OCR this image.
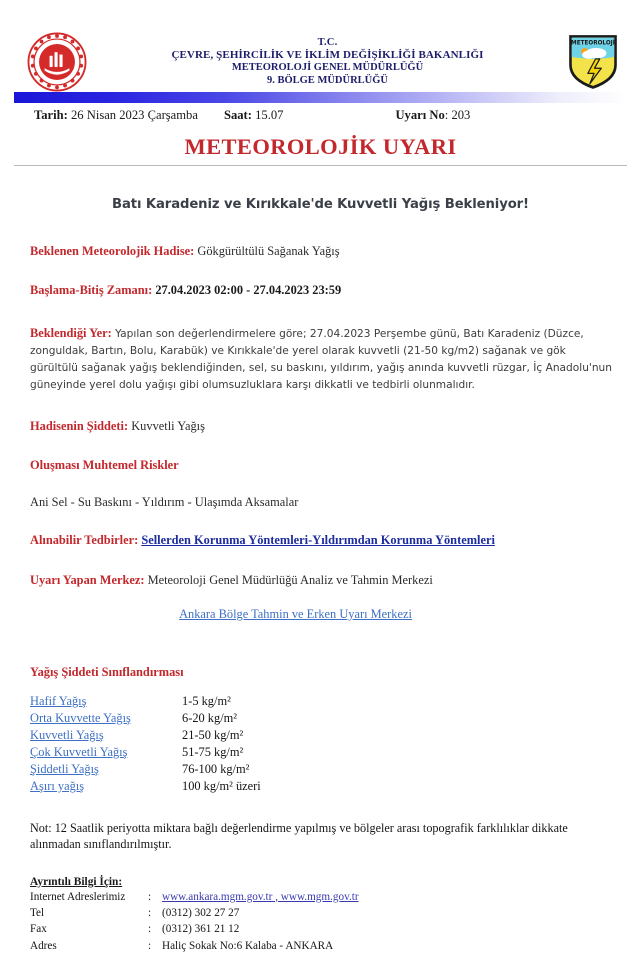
T.C.
ÇEVRE, ŞEHİRCİLİK VE İKLİM DEĞİŞİKLİĞİ BAKANLIĞI
METEOROLOJİ GENEL MÜDÜRLÜĞÜ
9. BÖLGE MÜDÜRLÜĞÜ
METEOROLOJİ
Tarih: 26 Nisan 2023 Çarşamba Saat: 15.07	Uyarı No: 203
METEOROLOJİK UYARI
Batı Karadeniz ve Kırıkkale'de Kuvvetli Yağış Bekleniyor!
Beklenen Meteorolojik Hadise: Gökgürültülü Sağanak Yağış
Başlama-Bitiş Zamanı: 27.04.2023 02:00 - 27.04.2023 23:59
Beklendiği Yer: Yapılan son değerlendirmelere göre; 27.04.2023 Perşembe günü, Batı Karadeniz (Düzce, zonguldak, Bartın, Bolu, Karabük) ve Kırıkkale'de yerel olarak kuvvetli (21-50 kg/m2) sağanak ve gök gürültülü sağanak yağış beklendiğinden, sel, su baskını, yıldırım, yağış anında kuvvetli rüzgar, İç Anadolu'nun güneyinde yerel dolu yağışı gibi olumsuzluklara karşı dikkatli ve tedbirli olunmalıdır.
Hadisenin Şiddeti: Kuvvetli Yağış
Oluşması Muhtemel Riskler
Ani Sel - Su Baskını - Yıldırım - Ulaşımda Aksamalar
Alınabilir Tedbirler: Sellerden Korunma Yöntemleri-Yıldırımdan Korunma Yöntemleri
Uyarı Yapan Merkez: Meteoroloji Genel Müdürlüğü Analiz ve Tahmin Merkezi
Ankara Bölge Tahmin ve Erken Uyarı Merkezi
Yağış Şiddeti Sınıflandırması
Hafif Yağış	1-5 kg/m²
Orta Kuvvette Yağış	6-20 kg/m²
Kuvvetli Yağış	21-50 kg/m²
Çok Kuvvetli Yağış	51-75 kg/m²
Şiddetli Yağış	76-100 kg/m²
Aşırı yağış	100 kg/m² üzeri
Not: 12 Saatlik periyotta miktara bağlı değerlendirme yapılmış ve bölgeler arası topografik farklılıklar dikkate alınmadan sınıflandırılmıştır.
Ayrıntılı Bilgi İçin:
Internet Adreslerimiz	:	www.ankara.mgm.gov.tr , www.mgm.gov.tr
Tel	:	(0312) 302 27 27
Fax	:	(0312) 361 21 12
Adres	:	Haliç Sokak No:6 Kalaba - ANKARA
